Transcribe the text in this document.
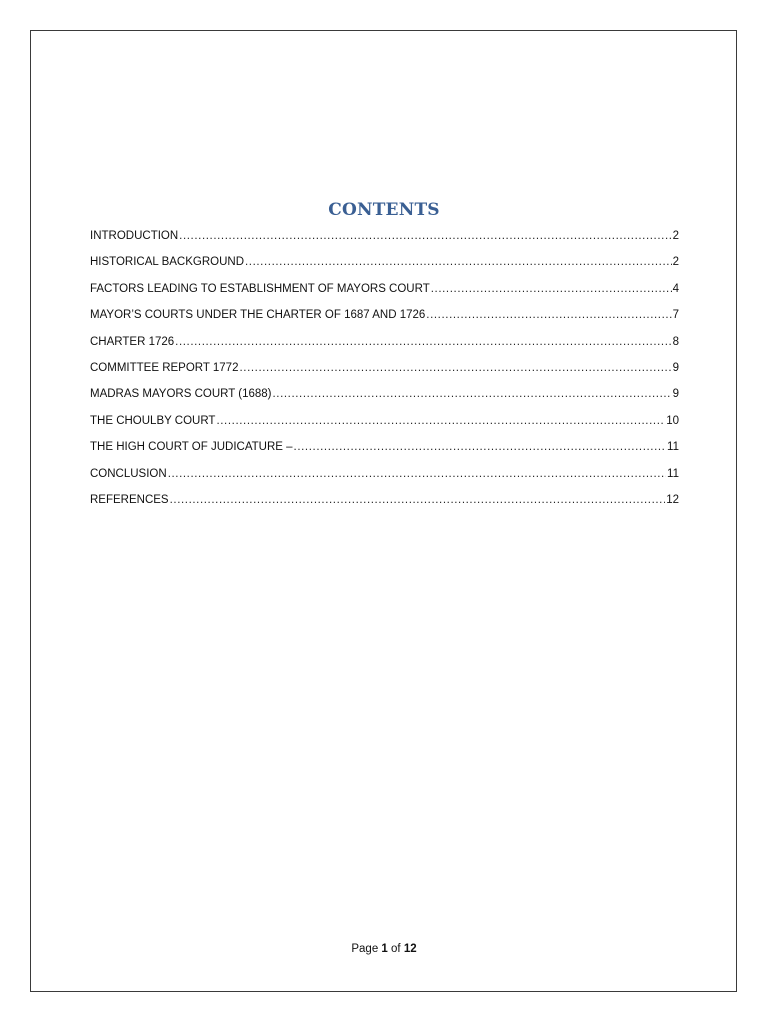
CONTENTS
INTRODUCTION .....	2
HISTORICAL BACKGROUND .....	2
FACTORS LEADING TO ESTABLISHMENT OF MAYORS COURT .....	4
MAYOR’S COURTS UNDER THE CHARTER OF 1687 AND 1726 .....	7
CHARTER 1726 .....	8
COMMITTEE REPORT 1772 .....	9
MADRAS MAYORS COURT (1688) .....	9
THE CHOULBY COURT .....	10
THE HIGH COURT OF JUDICATURE – .....	11
CONCLUSION .....	11
REFERENCES .....	12
Page 1 of 12
